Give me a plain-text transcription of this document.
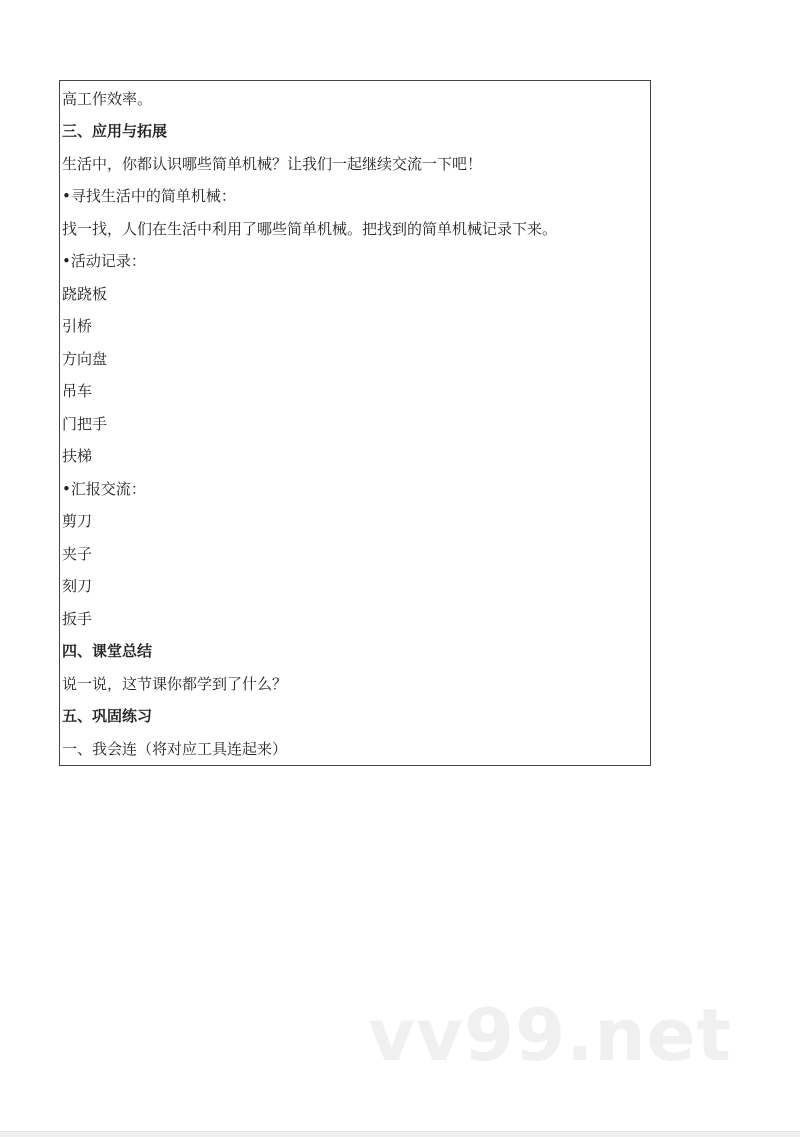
高工作效率。
三、应用与拓展
生活中，你都认识哪些简单机械？让我们一起继续交流一下吧！
•寻找生活中的简单机械：
找一找，人们在生活中利用了哪些简单机械。把找到的简单机械记录下来。
•活动记录：
跷跷板
引桥
方向盘
吊车
门把手
扶梯
•汇报交流：
剪刀
夹子
刻刀
扳手
四、课堂总结
说一说，这节课你都学到了什么？
五、巩固练习
一、我会连（将对应工具连起来）
vv99.net
